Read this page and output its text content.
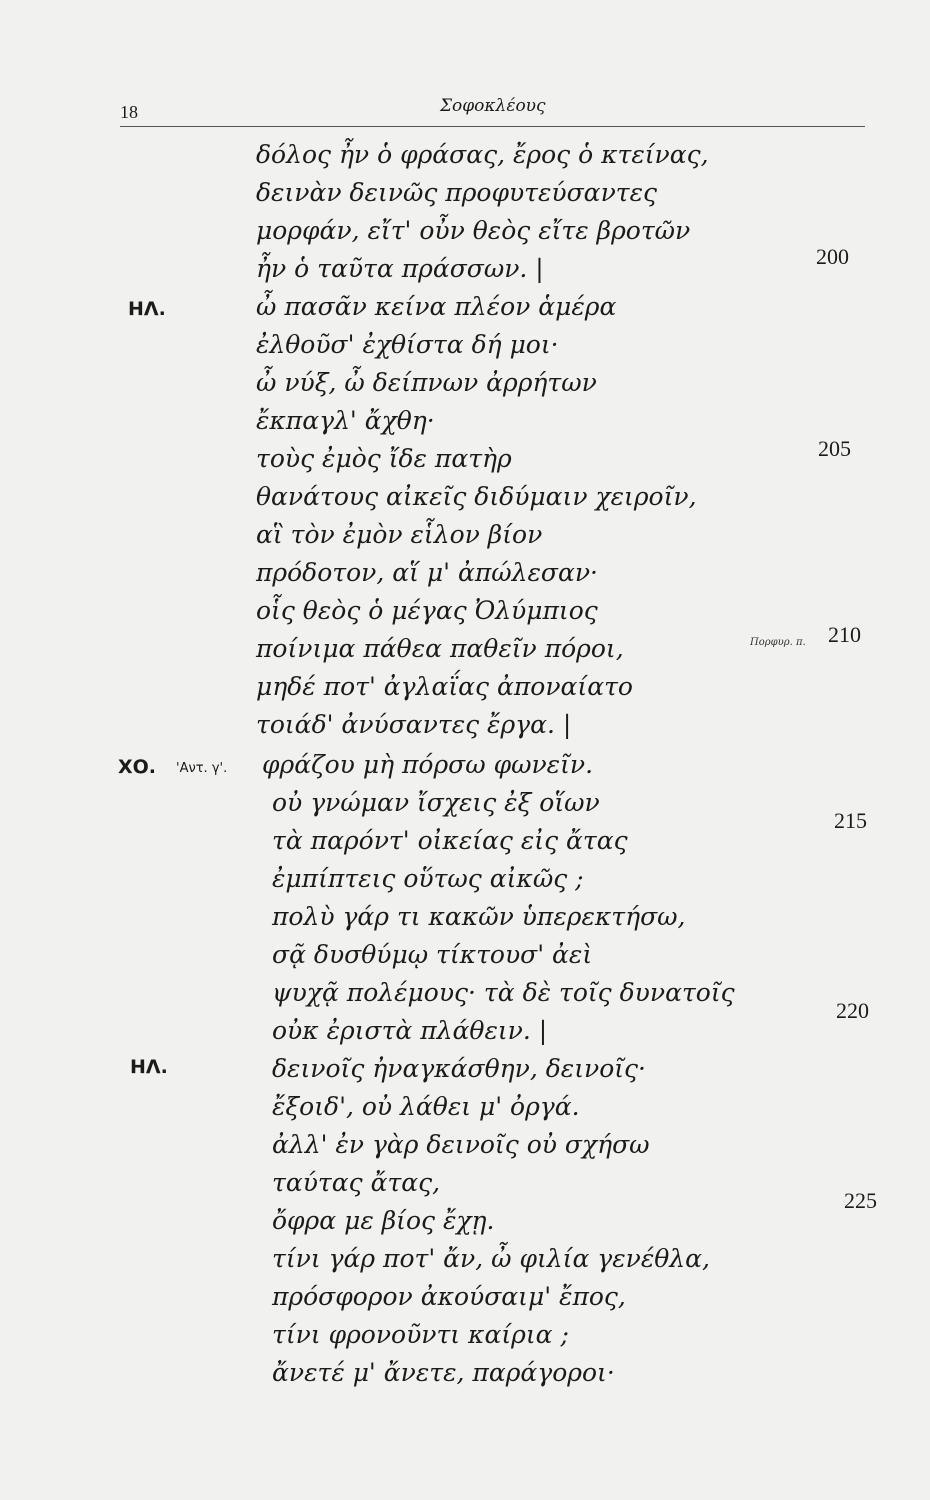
18	Σοφοκλέους
ΗΛ.
ΧΟ. 'Αντ. γ'.
ΗΛ.
δόλος ἦν ὁ φράσας, ἔρος ὁ κτείνας,
δεινὰν δεινῶς προφυτεύσαντες
μορφάν, εἴτ' οὖν θεὸς εἴτε βροτῶν
ἦν ὁ ταῦτα πράσσων. |
ὦ πασᾶν κείνα πλέον ἁμέρα
ἐλθοῦσ' ἐχθίστα δή μοι·
ὦ νύξ, ὦ δείπνων ἀρρήτων
ἔκπαγλ' ἄχθη·
τοὺς ἐμὸς ἴδε πατὴρ
θανάτους αἰκεῖς διδύμαιν χειροῖν,
αἳ τὸν ἐμὸν εἷλον βίον
πρόδοτον, αἵ μ' ἀπώλεσαν·
οἷς θεὸς ὁ μέγας Ὀλύμπιος
ποίνιμα πάθεα παθεῖν πόροι,
μηδέ ποτ' ἀγλαΐας ἀποναίατο
τοιάδ' ἀνύσαντες ἔργα. |
φράζου μὴ πόρσω φωνεῖν.
οὐ γνώμαν ἴσχεις ἐξ οἵων
τὰ παρόντ' οἰκείας εἰς ἄτας
ἐμπίπτεις οὕτως αἰκῶς ;
πολὺ γάρ τι κακῶν ὑπερεκτήσω,
σᾷ δυσθύμῳ τίκτουσ' ἀεὶ
ψυχᾷ πολέμους· τὰ δὲ τοῖς δυνατοῖς
οὐκ ἐριστὰ πλάθειν. |
δεινοῖς ἠναγκάσθην, δεινοῖς·
ἔξοιδ', οὐ λάθει μ' ὀργά.
ἀλλ' ἐν γὰρ δεινοῖς οὐ σχήσω
ταύτας ἄτας,
ὄφρα με βίος ἔχῃ.
τίνι γάρ ποτ' ἄν, ὦ φιλία γενέθλα,
πρόσφορον ἀκούσαιμ' ἔπος,
τίνι φρονοῦντι καίρια ;
ἄνετέ μ' ἄνετε, παράγοροι·
200
205
Πορφυρ. π. 210
215
220
225
